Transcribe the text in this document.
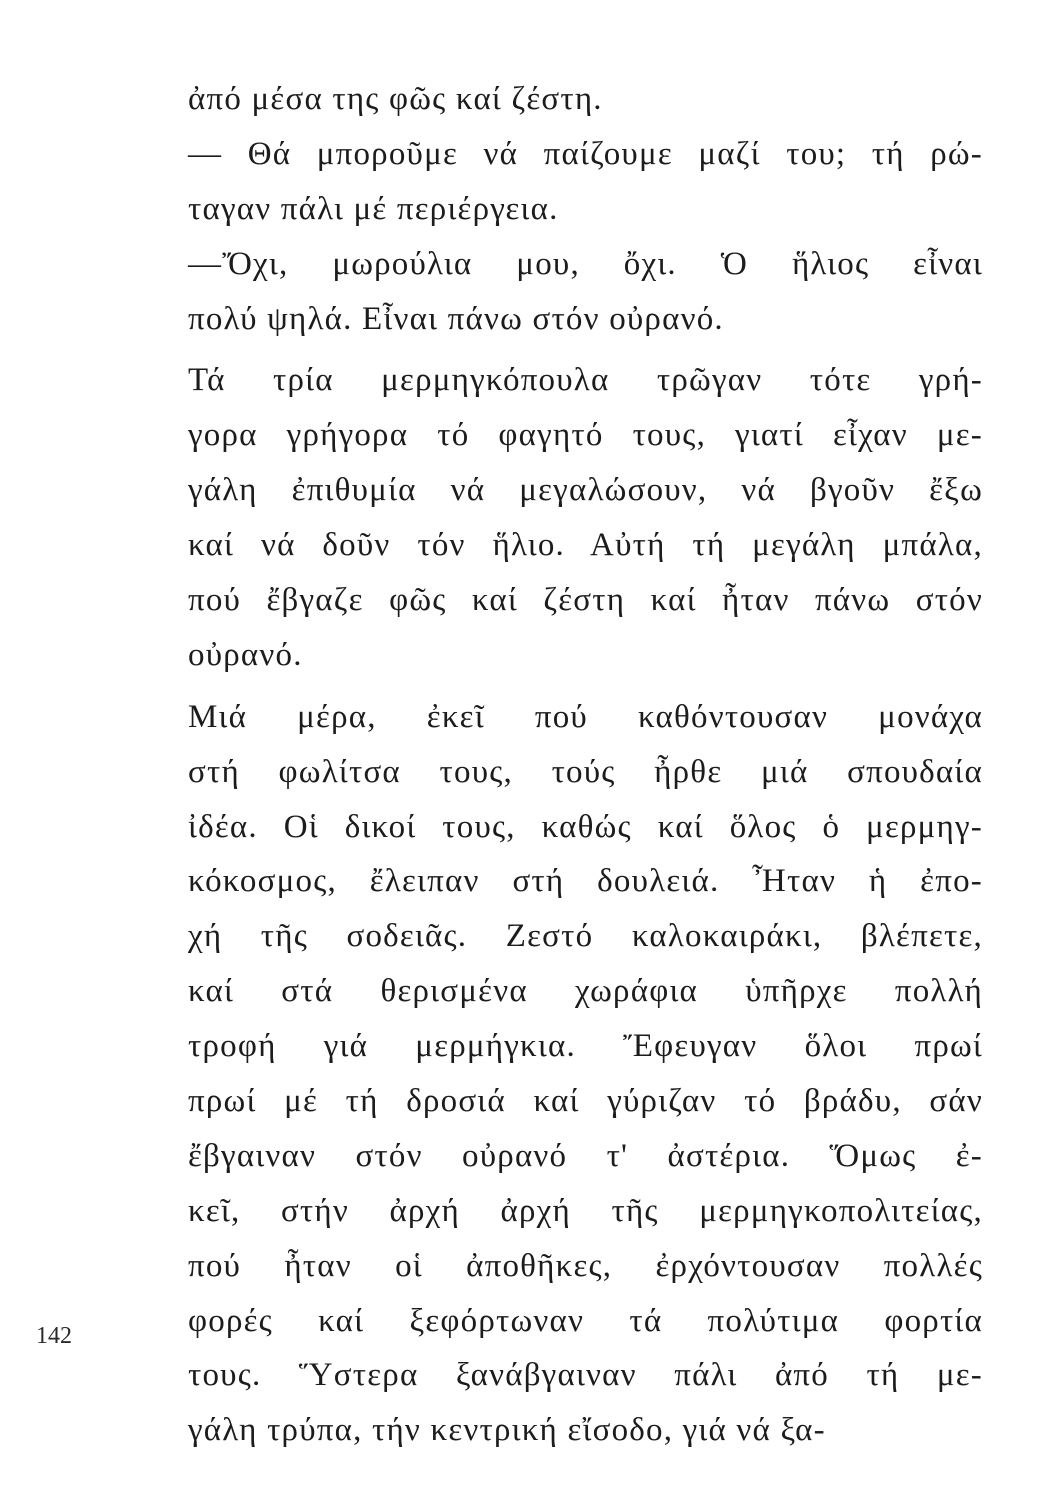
ἀπό μέσα της φῶς καί ζέστη.
— Θά μποροῦμε νά παίζουμε μαζί του; τή ρώ-
ταγαν πάλι μέ περιέργεια.
—Ὄχι, μωρούλια μου, ὄχι. Ὁ ἥλιος εἶναι
πολύ ψηλά. Εἶναι πάνω στόν οὐρανό.
Τά τρία μερμηγκόπουλα τρῶγαν τότε γρή-
γορα γρήγορα τό φαγητό τους, γιατί εἶχαν με-
γάλη ἐπιθυμία νά μεγαλώσουν, νά βγοῦν ἔξω
καί νά δοῦν τόν ἥλιο. Αὐτή τή μεγάλη μπάλα,
πού ἔβγαζε φῶς καί ζέστη καί ἦταν πάνω στόν
οὐρανό.
Μιά μέρα, ἐκεῖ πού καθόντουσαν μονάχα
στή φωλίτσα τους, τούς ἦρθε μιά σπουδαία
ἰδέα. Οἱ δικοί τους, καθώς καί ὅλος ὁ μερμηγ-
κόκοσμος, ἔλειπαν στή δουλειά. Ἦταν ἡ ἐπο-
χή τῆς σοδειᾶς. Ζεστό καλοκαιράκι, βλέπετε,
καί στά θερισμένα χωράφια ὑπῆρχε πολλή
τροφή γιά μερμήγκια. Ἔφευγαν ὅλοι πρωί
πρωί μέ τή δροσιά καί γύριζαν τό βράδυ, σάν
ἔβγαιναν στόν οὐρανό τ' ἀστέρια. Ὅμως ἐ-
κεῖ, στήν ἀρχή ἀρχή τῆς μερμηγκοπολιτείας,
πού ἦταν οἱ ἀποθῆκες, ἐρχόντουσαν πολλές
φορές καί ξεφόρτωναν τά πολύτιμα φορτία
τους. Ὕστερα ξανάβγαιναν πάλι ἀπό τή με-
γάλη τρύπα, τήν κεντρική εἴσοδο, γιά νά ξα-
142
